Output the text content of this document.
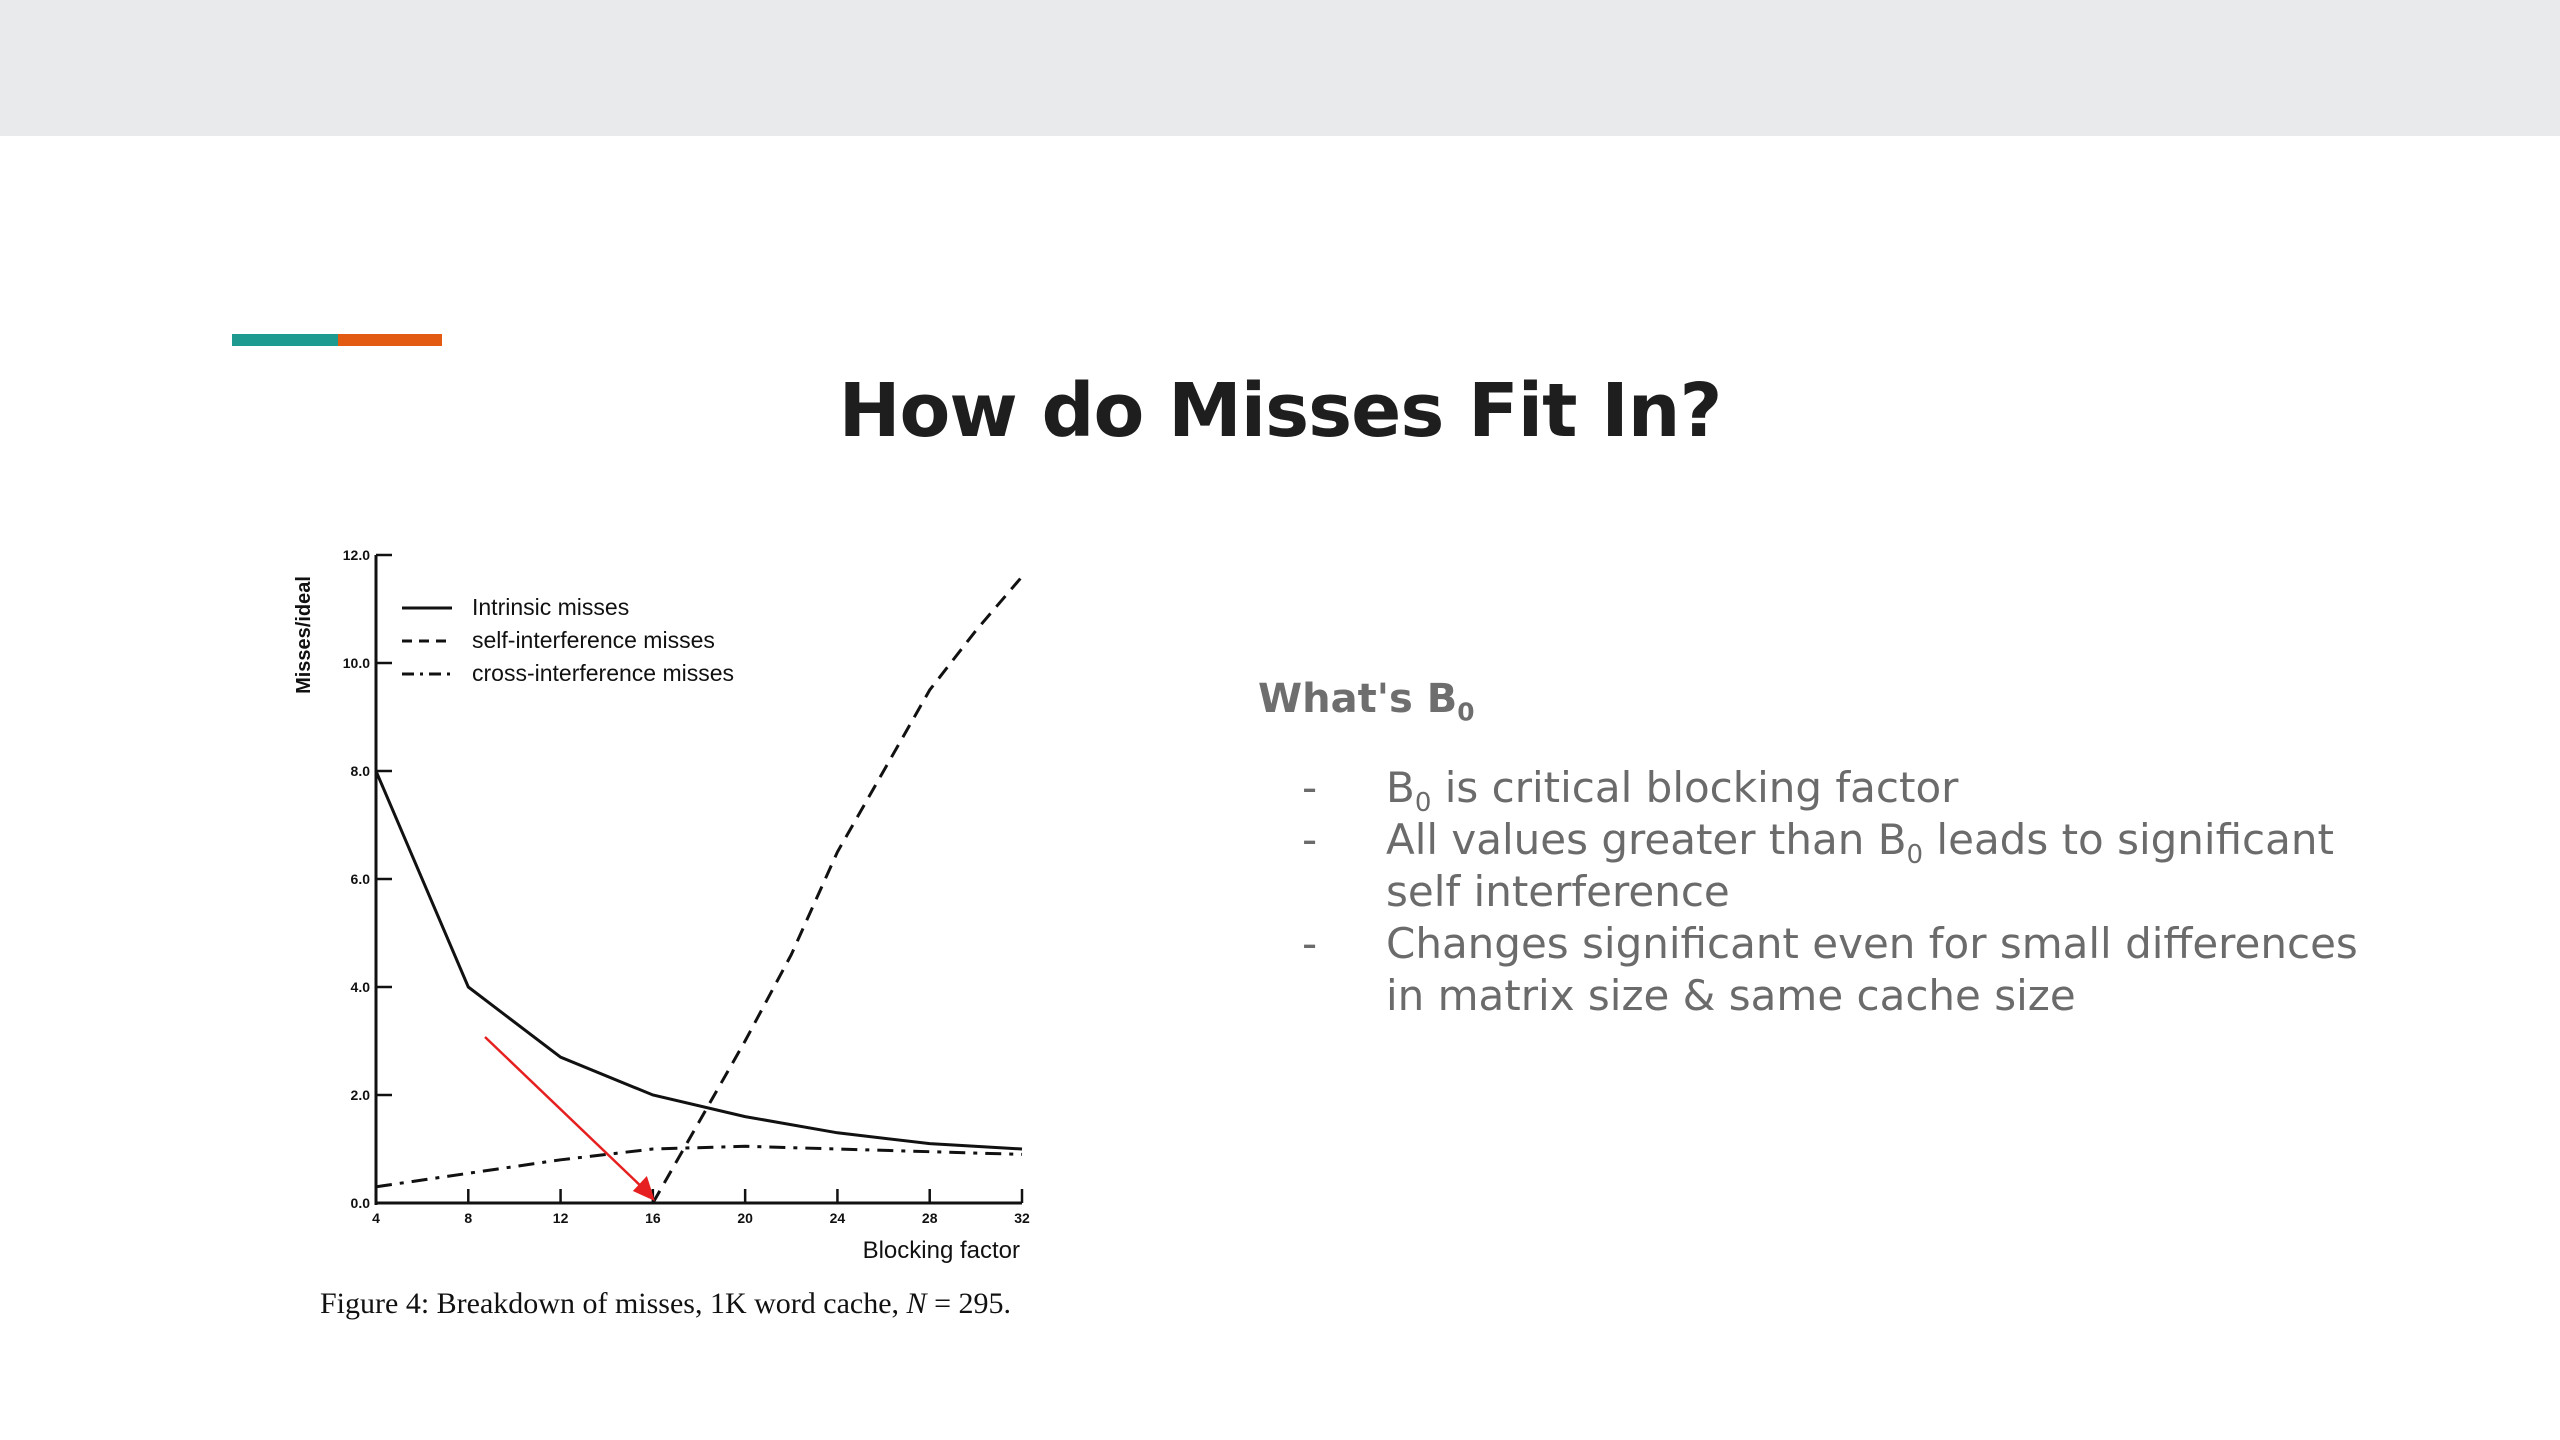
How do Misses Fit In?
0.0
2.0
4.0
6.0
8.0
10.0
12.0
4	8	12	16	20	24	28	32
Blocking factor
Misses/ideal	Intrinsic misses
self-interference misses
cross-interference misses
Figure 4: Breakdown of misses, 1K word cache, N = 295.
What's $B_0$
- $B_0$ is critical blocking factor
- All values greater than $B_0$ leads to significant
self interference
- Changes significant even for small differences
in matrix size & same cache size
